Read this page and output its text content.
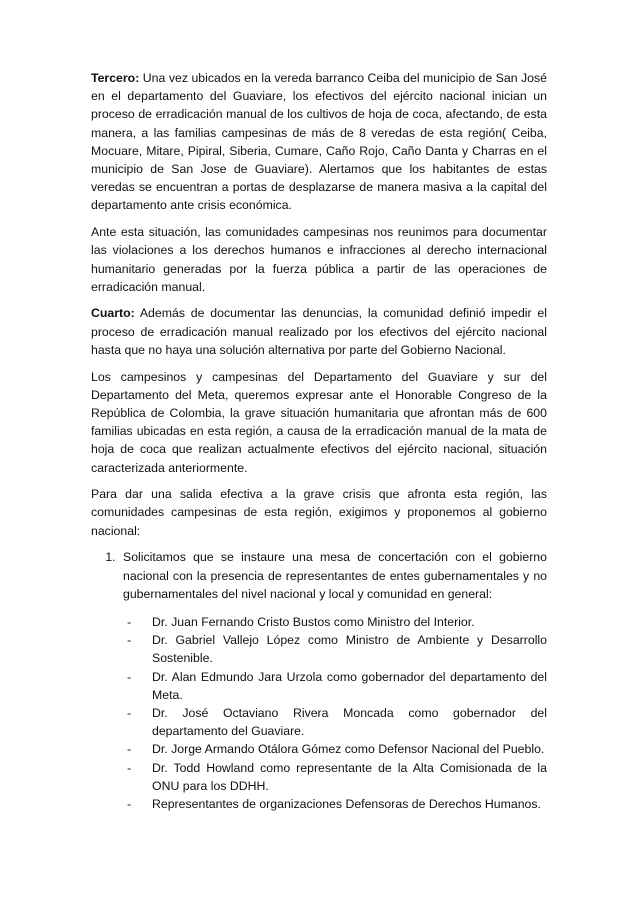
Tercero: Una vez ubicados en la vereda barranco Ceiba del municipio de San José en el departamento del Guaviare, los efectivos del ejército nacional inician un proceso de erradicación manual de los cultivos de hoja de coca, afectando, de esta manera, a las familias campesinas de más de 8 veredas de esta región( Ceiba, Mocuare, Mitare, Pipiral, Siberia, Cumare, Caño Rojo, Caño Danta y Charras en el municipio de San Jose de Guaviare). Alertamos que los habitantes de estas veredas se encuentran a portas de desplazarse de manera masiva a la capital del departamento ante crisis económica.

Ante esta situación, las comunidades campesinas nos reunimos para documentar las violaciones a los derechos humanos e infracciones al derecho internacional humanitario generadas por la fuerza pública a partir de las operaciones de erradicación manual.

Cuarto: Además de documentar las denuncias, la comunidad definió impedir el proceso de erradicación manual realizado por los efectivos del ejército nacional hasta que no haya una solución alternativa por parte del Gobierno Nacional.

Los campesinos y campesinas del Departamento del Guaviare y sur del Departamento del Meta, queremos expresar ante el Honorable Congreso de la República de Colombia, la grave situación humanitaria que afrontan más de 600 familias ubicadas en esta región, a causa de la erradicación manual de la mata de hoja de coca que realizan actualmente efectivos del ejército nacional, situación caracterizada anteriormente.

Para dar una salida efectiva a la grave crisis que afronta esta región, las comunidades campesinas de esta región, exigimos y proponemos al gobierno nacional:

1. Solicitamos que se instaure una mesa de concertación con el gobierno nacional con la presencia de representantes de entes gubernamentales y no gubernamentales del nivel nacional y local y comunidad en general:
-	Dr. Juan Fernando Cristo Bustos como Ministro del Interior.
-	Dr. Gabriel Vallejo López como Ministro de Ambiente y Desarrollo Sostenible.
-	Dr. Alan Edmundo Jara Urzola como gobernador del departamento del Meta.
-	Dr. José Octaviano Rivera Moncada como gobernador del departamento del Guaviare.
-	Dr. Jorge Armando Otálora Gómez como Defensor Nacional del Pueblo.
-	Dr. Todd Howland como representante de la Alta Comisionada de la ONU para los DDHH.
-	Representantes de organizaciones Defensoras de Derechos Humanos.
